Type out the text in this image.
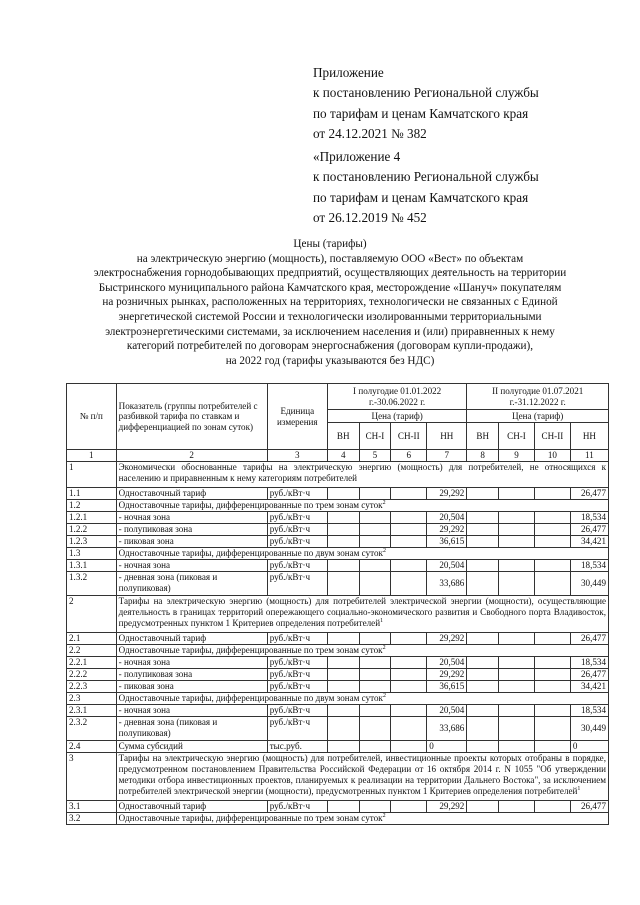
Приложение
к постановлению Региональной службы
по тарифам и ценам Камчатского края
от 24.12.2021 № 382
«Приложение 4
к постановлению Региональной службы
по тарифам и ценам Камчатского края
от 26.12.2019 № 452
Цены (тарифы)
на электрическую энергию (мощность), поставляемую ООО «Вест» по объектам
электроснабжения горнодобывающих предприятий, осуществляющих деятельность на территории
Быстринского муниципального района Камчатского края, месторождение «Шануч» покупателям
на розничных рынках, расположенных на территориях, технологически не связанных с Единой
энергетической системой России и технологически изолированными территориальными
электроэнергетическими системами, за исключением населения и (или) приравненных к нему
категорий потребителей по договорам энергоснабжения (договорам купли-продажи),
на 2022 год (тарифы указываются без НДС)
№ п/п	Показатель (группы потребителей с разбивкой тарифа по ставкам и дифференциацией по зонам суток)	Единица измерения	I полугодие 01.01.2022 г.-30.06.2022 г.				II полугодие 01.07.2021 г.-31.12.2022 г.			
			Цена (тариф)				Цена (тариф)			
			ВН	СН-I	СН-II	НН	ВН	СН-I	СН-II	НН
1	2	3	4	5	6	7	8	9	10	11
1	Экономически обоснованные тарифы на электрическую энергию (мощность) для потребителей, не относящихся к населению и приравненным к нему категориям потребителей									
1.1	Одноставочный тариф	руб./кВт·ч				29,292				26,477
1.2	Одноставочные тарифы, дифференцированные по трем зонам суток$^2$
1.2.1	- ночная зона	руб./кВт·ч				20,504				18,534
1.2.2	- полупиковая зона	руб./кВт·ч				29,292				26,477
1.2.3	- пиковая зона	руб./кВт·ч				36,615				34,421
1.3	Одноставочные тарифы, дифференцированные по двум зонам суток$^2$
1.3.1	- ночная зона	руб./кВт·ч				20,504				18,534
1.3.2	- дневная зона (пиковая и полупиковая)	руб./кВт·ч				33,686				30,449
2	Тарифы на электрическую энергию (мощность) для потребителей электрической энергии (мощности), осуществляющие деятельность в границах территорий опережающего социально-экономического развития и Свободного порта Владивосток, предусмотренных пунктом 1 Критериев определения потребителей$^1$
2.1	Одноставочный тариф	руб./кВт·ч				29,292				26,477
2.2	Одноставочные тарифы, дифференцированные по трем зонам суток$^2$
2.2.1	- ночная зона	руб./кВт·ч				20,504				18,534
2.2.2	- полупиковая зона	руб./кВт·ч				29,292				26,477
2.2.3	- пиковая зона	руб./кВт·ч				36,615				34,421
2.3	Одноставочные тарифы, дифференцированные по двум зонам суток$^2$
2.3.1	- ночная зона	руб./кВт·ч				20,504				18,534
2.3.2	- дневная зона (пиковая и полупиковая)	руб./кВт·ч				33,686				30,449
2.4	Сумма субсидий	тыс.руб.				0				0
3	Тарифы на электрическую энергию (мощность) для потребителей, инвестиционные проекты которых отобраны в порядке, предусмотренном постановлением Правительства Российской Федерации от 16 октября 2014 г. N 1055 "Об утверждении методики отбора инвестиционных проектов, планируемых к реализации на территории Дальнего Востока", за исключением потребителей электрической энергии (мощности), предусмотренных пунктом 1 Критериев определения потребителей$^1$
3.1	Одноставочный тариф	руб./кВт·ч				29,292				26,477
3.2	Одноставочные тарифы, дифференцированные по трем зонам суток$^2$
